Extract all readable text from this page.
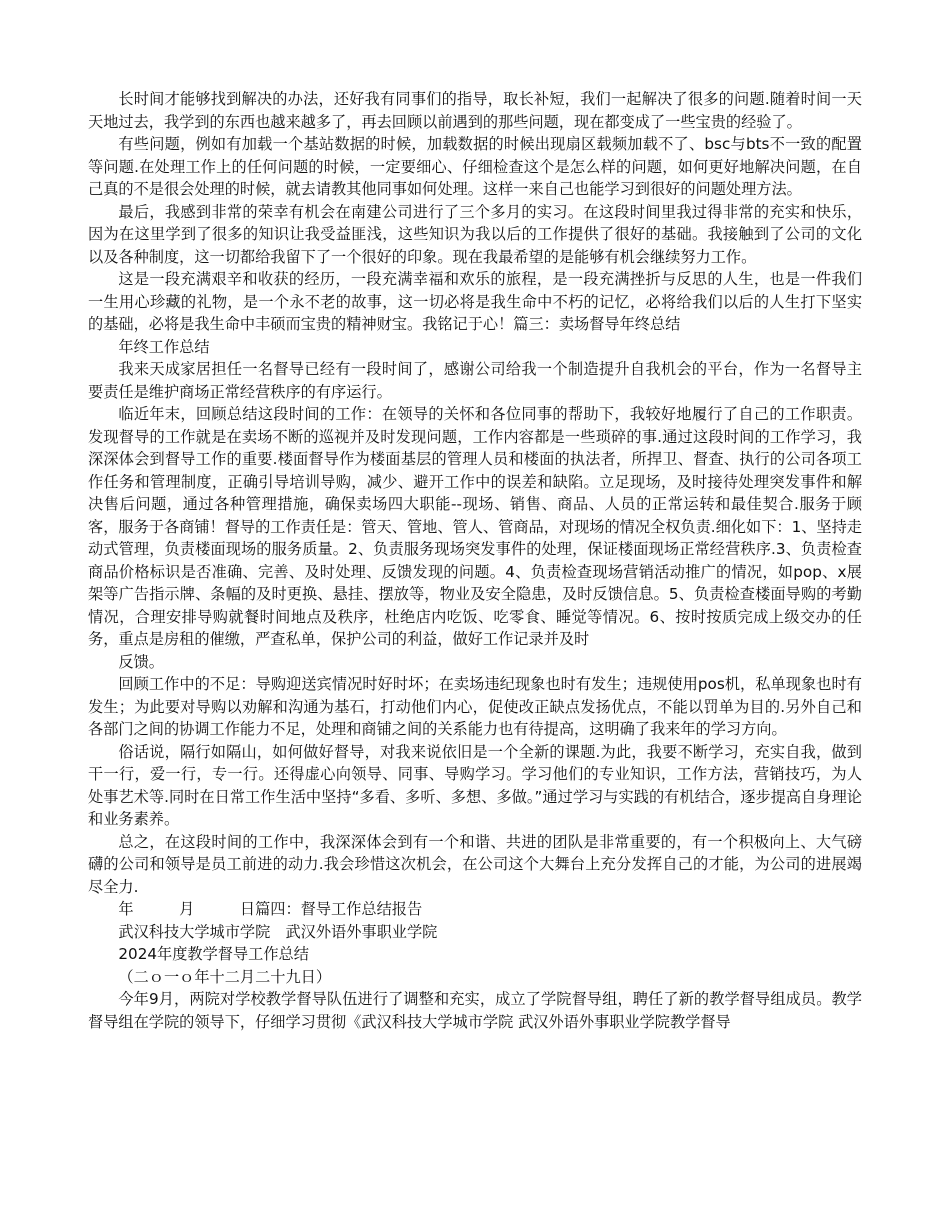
长时间才能够找到解决的办法，还好我有同事们的指导，取长补短，我们一起解决了很多的问题.随着时间一天天地过去，我学到的东西也越来越多了，再去回顾以前遇到的那些问题，现在都变成了一些宝贵的经验了。

有些问题，例如有加载一个基站数据的时候，加载数据的时候出现扇区载频加载不了、bsc与bts不一致的配置等问题.在处理工作上的任何问题的时候，一定要细心、仔细检查这个是怎么样的问题，如何更好地解决问题，在自己真的不是很会处理的时候，就去请教其他同事如何处理。这样一来自己也能学习到很好的问题处理方法。

最后，我感到非常的荣幸有机会在南建公司进行了三个多月的实习。在这段时间里我过得非常的充实和快乐，因为在这里学到了很多的知识让我受益匪浅，这些知识为我以后的工作提供了很好的基础。我接触到了公司的文化以及各种制度，这一切都给我留下了一个很好的印象。现在我最希望的是能够有机会继续努力工作。

这是一段充满艰辛和收获的经历，一段充满幸福和欢乐的旅程，是一段充满挫折与反思的人生，也是一件我们一生用心珍藏的礼物，是一个永不老的故事，这一切必将是我生命中不朽的记忆，必将给我们以后的人生打下坚实的基础，必将是我生命中丰硕而宝贵的精神财宝。我铭记于心！篇三：卖场督导年终总结

年终工作总结

我来天成家居担任一名督导已经有一段时间了，感谢公司给我一个制造提升自我机会的平台，作为一名督导主要责任是维护商场正常经营秩序的有序运行。

临近年末，回顾总结这段时间的工作：在领导的关怀和各位同事的帮助下，我较好地履行了自己的工作职责。发现督导的工作就是在卖场不断的巡视并及时发现问题，工作内容都是一些琐碎的事.通过这段时间的工作学习，我深深体会到督导工作的重要.楼面督导作为楼面基层的管理人员和楼面的执法者，所捍卫、督查、执行的公司各项工作任务和管理制度，正确引导培训导购，减少、避开工作中的误差和缺陷。立足现场，及时接待处理突发事件和解决售后问题，通过各种管理措施，确保卖场四大职能--现场、销售、商品、人员的正常运转和最佳契合.服务于顾客，服务于各商铺！督导的工作责任是：管天、管地、管人、管商品，对现场的情况全权负责.细化如下：1、坚持走动式管理，负责楼面现场的服务质量。2、负责服务现场突发事件的处理，保证楼面现场正常经营秩序.3、负责检查商品价格标识是否准确、完善、及时处理、反馈发现的问题。4、负责检查现场营销活动推广的情况，如pop、x展架等广告指示牌、条幅的及时更换、悬挂、摆放等，物业及安全隐患，及时反馈信息。5、负责检查楼面导购的考勤情况，合理安排导购就餐时间地点及秩序，杜绝店内吃饭、吃零食、睡觉等情况。6、按时按质完成上级交办的任务，重点是房租的催缴，严查私单，保护公司的利益，做好工作记录并及时

反馈。

回顾工作中的不足：导购迎送宾情况时好时坏；在卖场违纪现象也时有发生；违规使用pos机，私单现象也时有发生；为此要对导购以劝解和沟通为基石，打动他们内心，促使改正缺点发扬优点，不能以罚单为目的.另外自己和各部门之间的协调工作能力不足，处理和商铺之间的关系能力也有待提高，这明确了我来年的学习方向。

俗话说，隔行如隔山，如何做好督导，对我来说依旧是一个全新的课题.为此，我要不断学习，充实自我，做到干一行，爱一行，专一行。还得虚心向领导、同事、导购学习。学习他们的专业知识，工作方法，营销技巧，为人处事艺术等.同时在日常工作生活中坚持“多看、多听、多想、多做。”通过学习与实践的有机结合，逐步提高自身理论和业务素养。

总之，在这段时间的工作中，我深深体会到有一个和谐、共进的团队是非常重要的，有一个积极向上、大气磅礴的公司和领导是员工前进的动力.我会珍惜这次机会，在公司这个大舞台上充分发挥自己的才能，为公司的进展竭尽全力.

年　　　月　　　日篇四：督导工作总结报告

武汉科技大学城市学院　武汉外语外事职业学院

2024年度教学督导工作总结

（二ｏ一ｏ年十二月二十九日）

今年9月，两院对学校教学督导队伍进行了调整和充实，成立了学院督导组，聘任了新的教学督导组成员。教学督导组在学院的领导下，仔细学习贯彻《武汉科技大学城市学院 武汉外语外事职业学院教学督导
